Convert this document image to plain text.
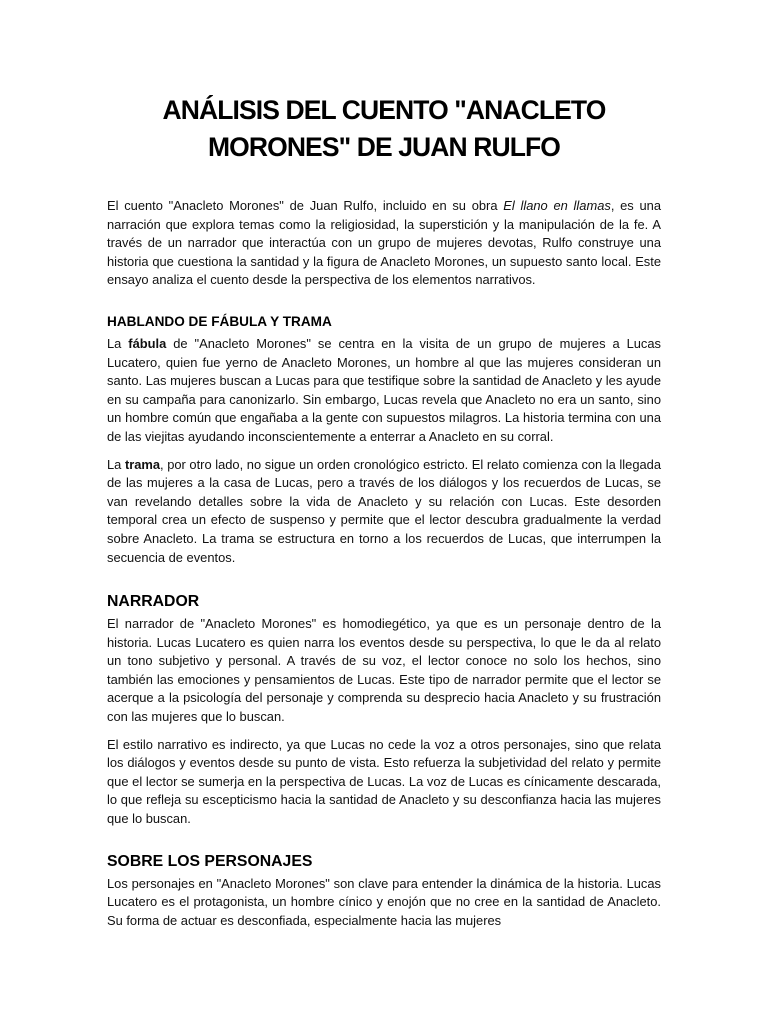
ANÁLISIS DEL CUENTO "ANACLETO
MORONES" DE JUAN RULFO

El cuento "Anacleto Morones" de Juan Rulfo, incluido en su obra El llano en llamas, es una narración que explora temas como la religiosidad, la superstición y la manipulación de la fe. A través de un narrador que interactúa con un grupo de mujeres devotas, Rulfo construye una historia que cuestiona la santidad y la figura de Anacleto Morones, un supuesto santo local. Este ensayo analiza el cuento desde la perspectiva de los elementos narrativos.

HABLANDO DE FÁBULA Y TRAMA

La fábula de "Anacleto Morones" se centra en la visita de un grupo de mujeres a Lucas Lucatero, quien fue yerno de Anacleto Morones, un hombre al que las mujeres consideran un santo. Las mujeres buscan a Lucas para que testifique sobre la santidad de Anacleto y les ayude en su campaña para canonizarlo. Sin embargo, Lucas revela que Anacleto no era un santo, sino un hombre común que engañaba a la gente con supuestos milagros. La historia termina con una de las viejitas ayudando inconscientemente a enterrar a Anacleto en su corral.

La trama, por otro lado, no sigue un orden cronológico estricto. El relato comienza con la llegada de las mujeres a la casa de Lucas, pero a través de los diálogos y los recuerdos de Lucas, se van revelando detalles sobre la vida de Anacleto y su relación con Lucas. Este desorden temporal crea un efecto de suspenso y permite que el lector descubra gradualmente la verdad sobre Anacleto. La trama se estructura en torno a los recuerdos de Lucas, que interrumpen la secuencia de eventos.

NARRADOR

El narrador de "Anacleto Morones" es homodiegético, ya que es un personaje dentro de la historia. Lucas Lucatero es quien narra los eventos desde su perspectiva, lo que le da al relato un tono subjetivo y personal. A través de su voz, el lector conoce no solo los hechos, sino también las emociones y pensamientos de Lucas. Este tipo de narrador permite que el lector se acerque a la psicología del personaje y comprenda su desprecio hacia Anacleto y su frustración con las mujeres que lo buscan.

El estilo narrativo es indirecto, ya que Lucas no cede la voz a otros personajes, sino que relata los diálogos y eventos desde su punto de vista. Esto refuerza la subjetividad del relato y permite que el lector se sumerja en la perspectiva de Lucas. La voz de Lucas es cínicamente descarada, lo que refleja su escepticismo hacia la santidad de Anacleto y su desconfianza hacia las mujeres que lo buscan.

SOBRE LOS PERSONAJES

Los personajes en "Anacleto Morones" son clave para entender la dinámica de la historia. Lucas Lucatero es el protagonista, un hombre cínico y enojón que no cree en la santidad de Anacleto. Su forma de actuar es desconfiada, especialmente hacia las mujeres
